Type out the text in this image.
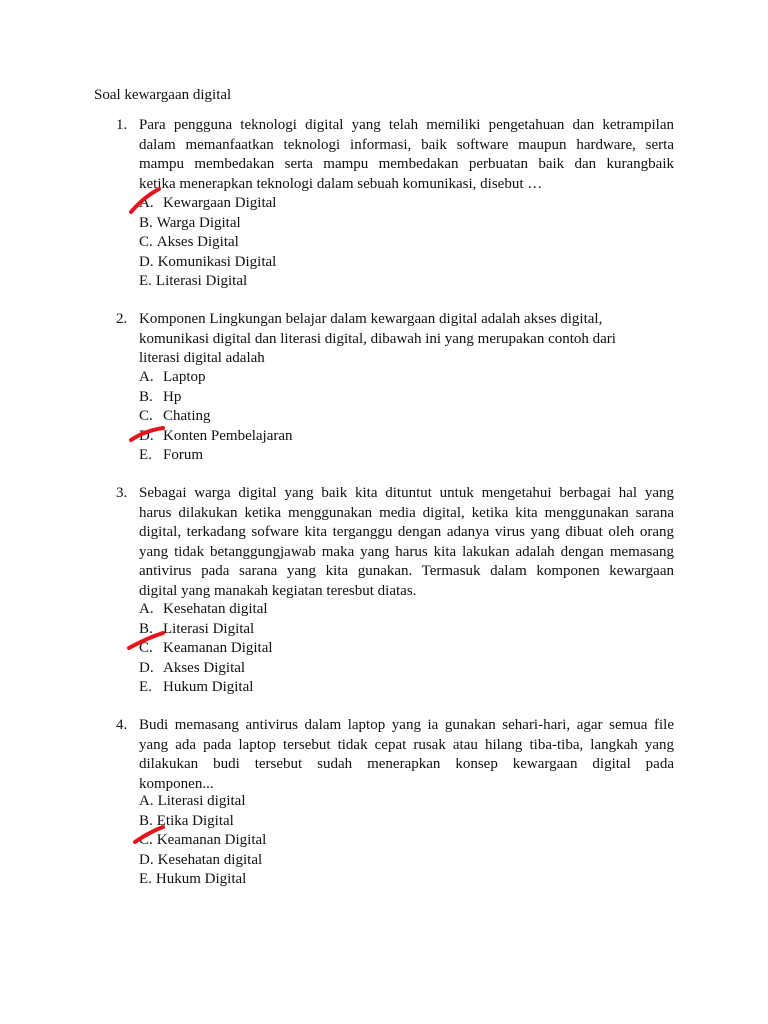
Soal kewargaan digital
1. Para pengguna teknologi digital yang telah memiliki pengetahuan dan ketrampilan
dalam memanfaatkan teknologi informasi, baik software maupun hardware, serta
mampu membedakan serta mampu membedakan perbuatan baik dan kurangbaik
ketika menerapkan teknologi dalam sebuah komunikasi, disebut …
A. Kewargaan Digital
B. Warga Digital
C. Akses Digital
D. Komunikasi Digital
E. Literasi Digital
2. Komponen Lingkungan belajar dalam kewargaan digital adalah akses digital,
komunikasi digital dan literasi digital, dibawah ini yang merupakan contoh dari
literasi digital adalah
A. Laptop
B. Hp
C. Chating
D. Konten Pembelajaran
E. Forum
3. Sebagai warga digital yang baik kita dituntut untuk mengetahui berbagai hal yang
harus dilakukan ketika menggunakan media digital, ketika kita menggunakan sarana
digital, terkadang sofware kita terganggu dengan adanya virus yang dibuat oleh orang
yang tidak betanggungjawab maka yang harus kita lakukan adalah dengan memasang
antivirus pada sarana yang kita gunakan. Termasuk dalam komponen kewargaan
digital yang manakah kegiatan teresbut diatas.
A. Kesehatan digital
B. Literasi Digital
C. Keamanan Digital
D. Akses Digital
E. Hukum Digital
4. Budi memasang antivirus dalam laptop yang ia gunakan sehari-hari, agar semua file
yang ada pada laptop tersebut tidak cepat rusak atau hilang tiba-tiba, langkah yang
dilakukan budi tersebut sudah menerapkan konsep kewargaan digital pada
komponen...
A. Literasi digital
B. Etika Digital
C. Keamanan Digital
D. Kesehatan digital
E. Hukum Digital
